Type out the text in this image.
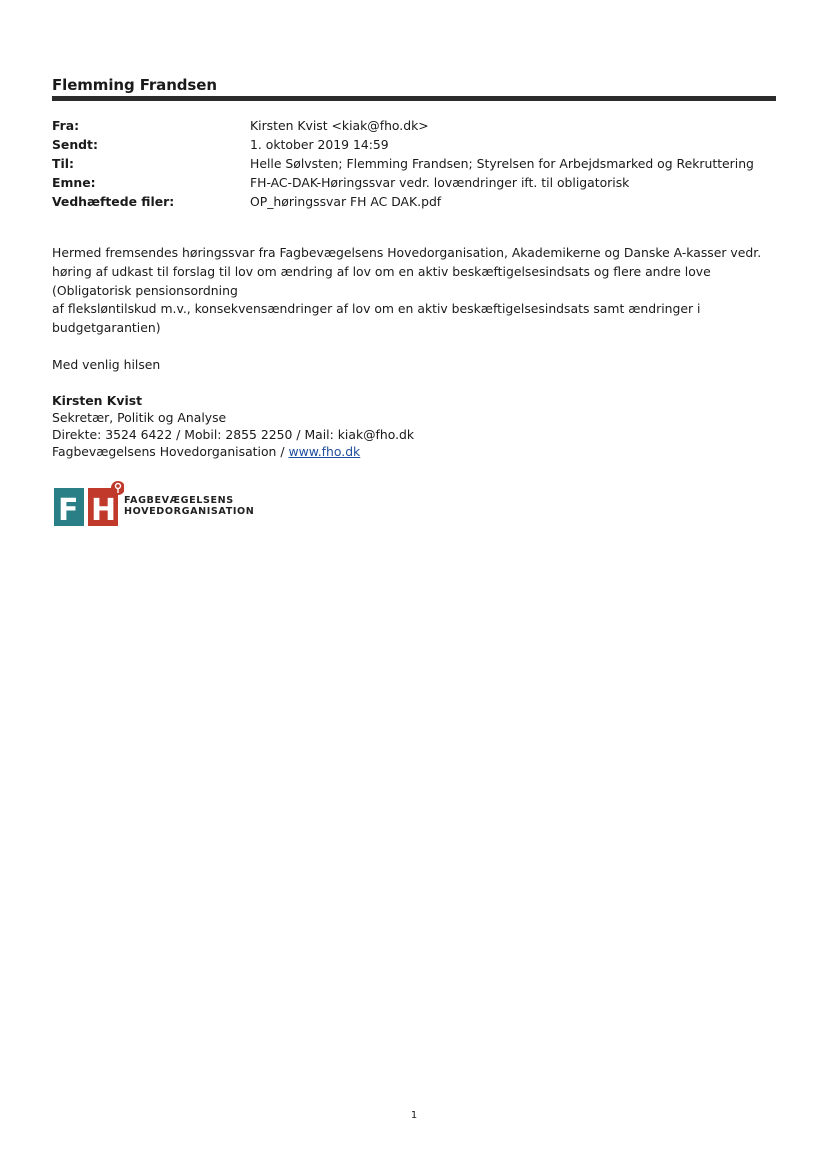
Flemming Frandsen
Fra:	Kirsten Kvist <kiak@fho.dk>
Sendt:	1. oktober 2019 14:59
Til:	Helle Sølvsten; Flemming Frandsen; Styrelsen for Arbejdsmarked og Rekruttering
Emne:	FH-AC-DAK-Høringssvar vedr. lovændringer ift. til obligatorisk
Vedhæftede filer:	OP_høringssvar FH AC DAK.pdf

Hermed fremsendes høringssvar fra Fagbevægelsens Hovedorganisation, Akademikerne og Danske A-kasser vedr.

høring af udkast til forslag til lov om ændring af lov om en aktiv beskæftigelsesindsats og flere andre love

(Obligatorisk pensionsordning

af fleksløntilskud m.v., konsekvensændringer af lov om en aktiv beskæftigelsesindsats samt ændringer i

budgetgarantien)

Med venlig hilsen
Kirsten Kvist
Sekretær, Politik og Analyse
Direkte: 3524 6422 / Mobil: 2855 2250 / Mail: kiak@fho.dk
Fagbevægelsens Hovedorganisation / www.fho.dk
F H FAGBEVÆGELSENS
HOVEDORGANISATION
1
